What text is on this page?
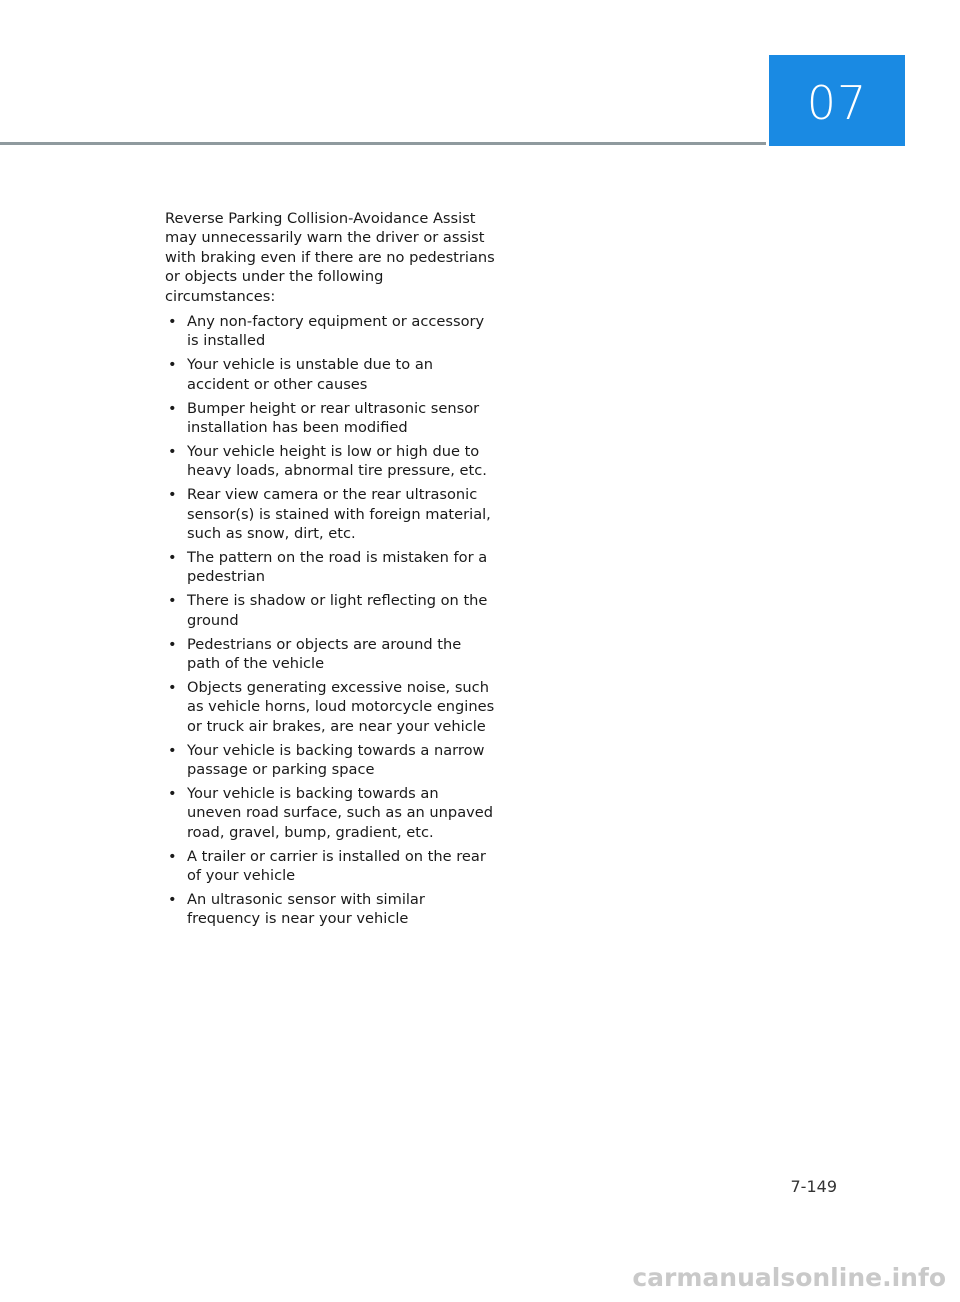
07

Reverse Parking Collision-Avoidance Assist may unnecessarily warn the driver or assist with braking even if there are no pedestrians or objects under the following circumstances:

• Any non-factory equipment or accessory is installed
• Your vehicle is unstable due to an accident or other causes
• Bumper height or rear ultrasonic sensor installation has been modified
• Your vehicle height is low or high due to heavy loads, abnormal tire pressure, etc.
• Rear view camera or the rear ultrasonic sensor(s) is stained with foreign material, such as snow, dirt, etc.
• The pattern on the road is mistaken for a pedestrian
• There is shadow or light reflecting on the ground
• Pedestrians or objects are around the path of the vehicle
• Objects generating excessive noise, such as vehicle horns, loud motorcycle engines or truck air brakes, are near your vehicle
• Your vehicle is backing towards a narrow passage or parking space
• Your vehicle is backing towards an uneven road surface, such as an unpaved road, gravel, bump, gradient, etc.
• A trailer or carrier is installed on the rear of your vehicle
• An ultrasonic sensor with similar frequency is near your vehicle
7-149
carmanualsonline.info
